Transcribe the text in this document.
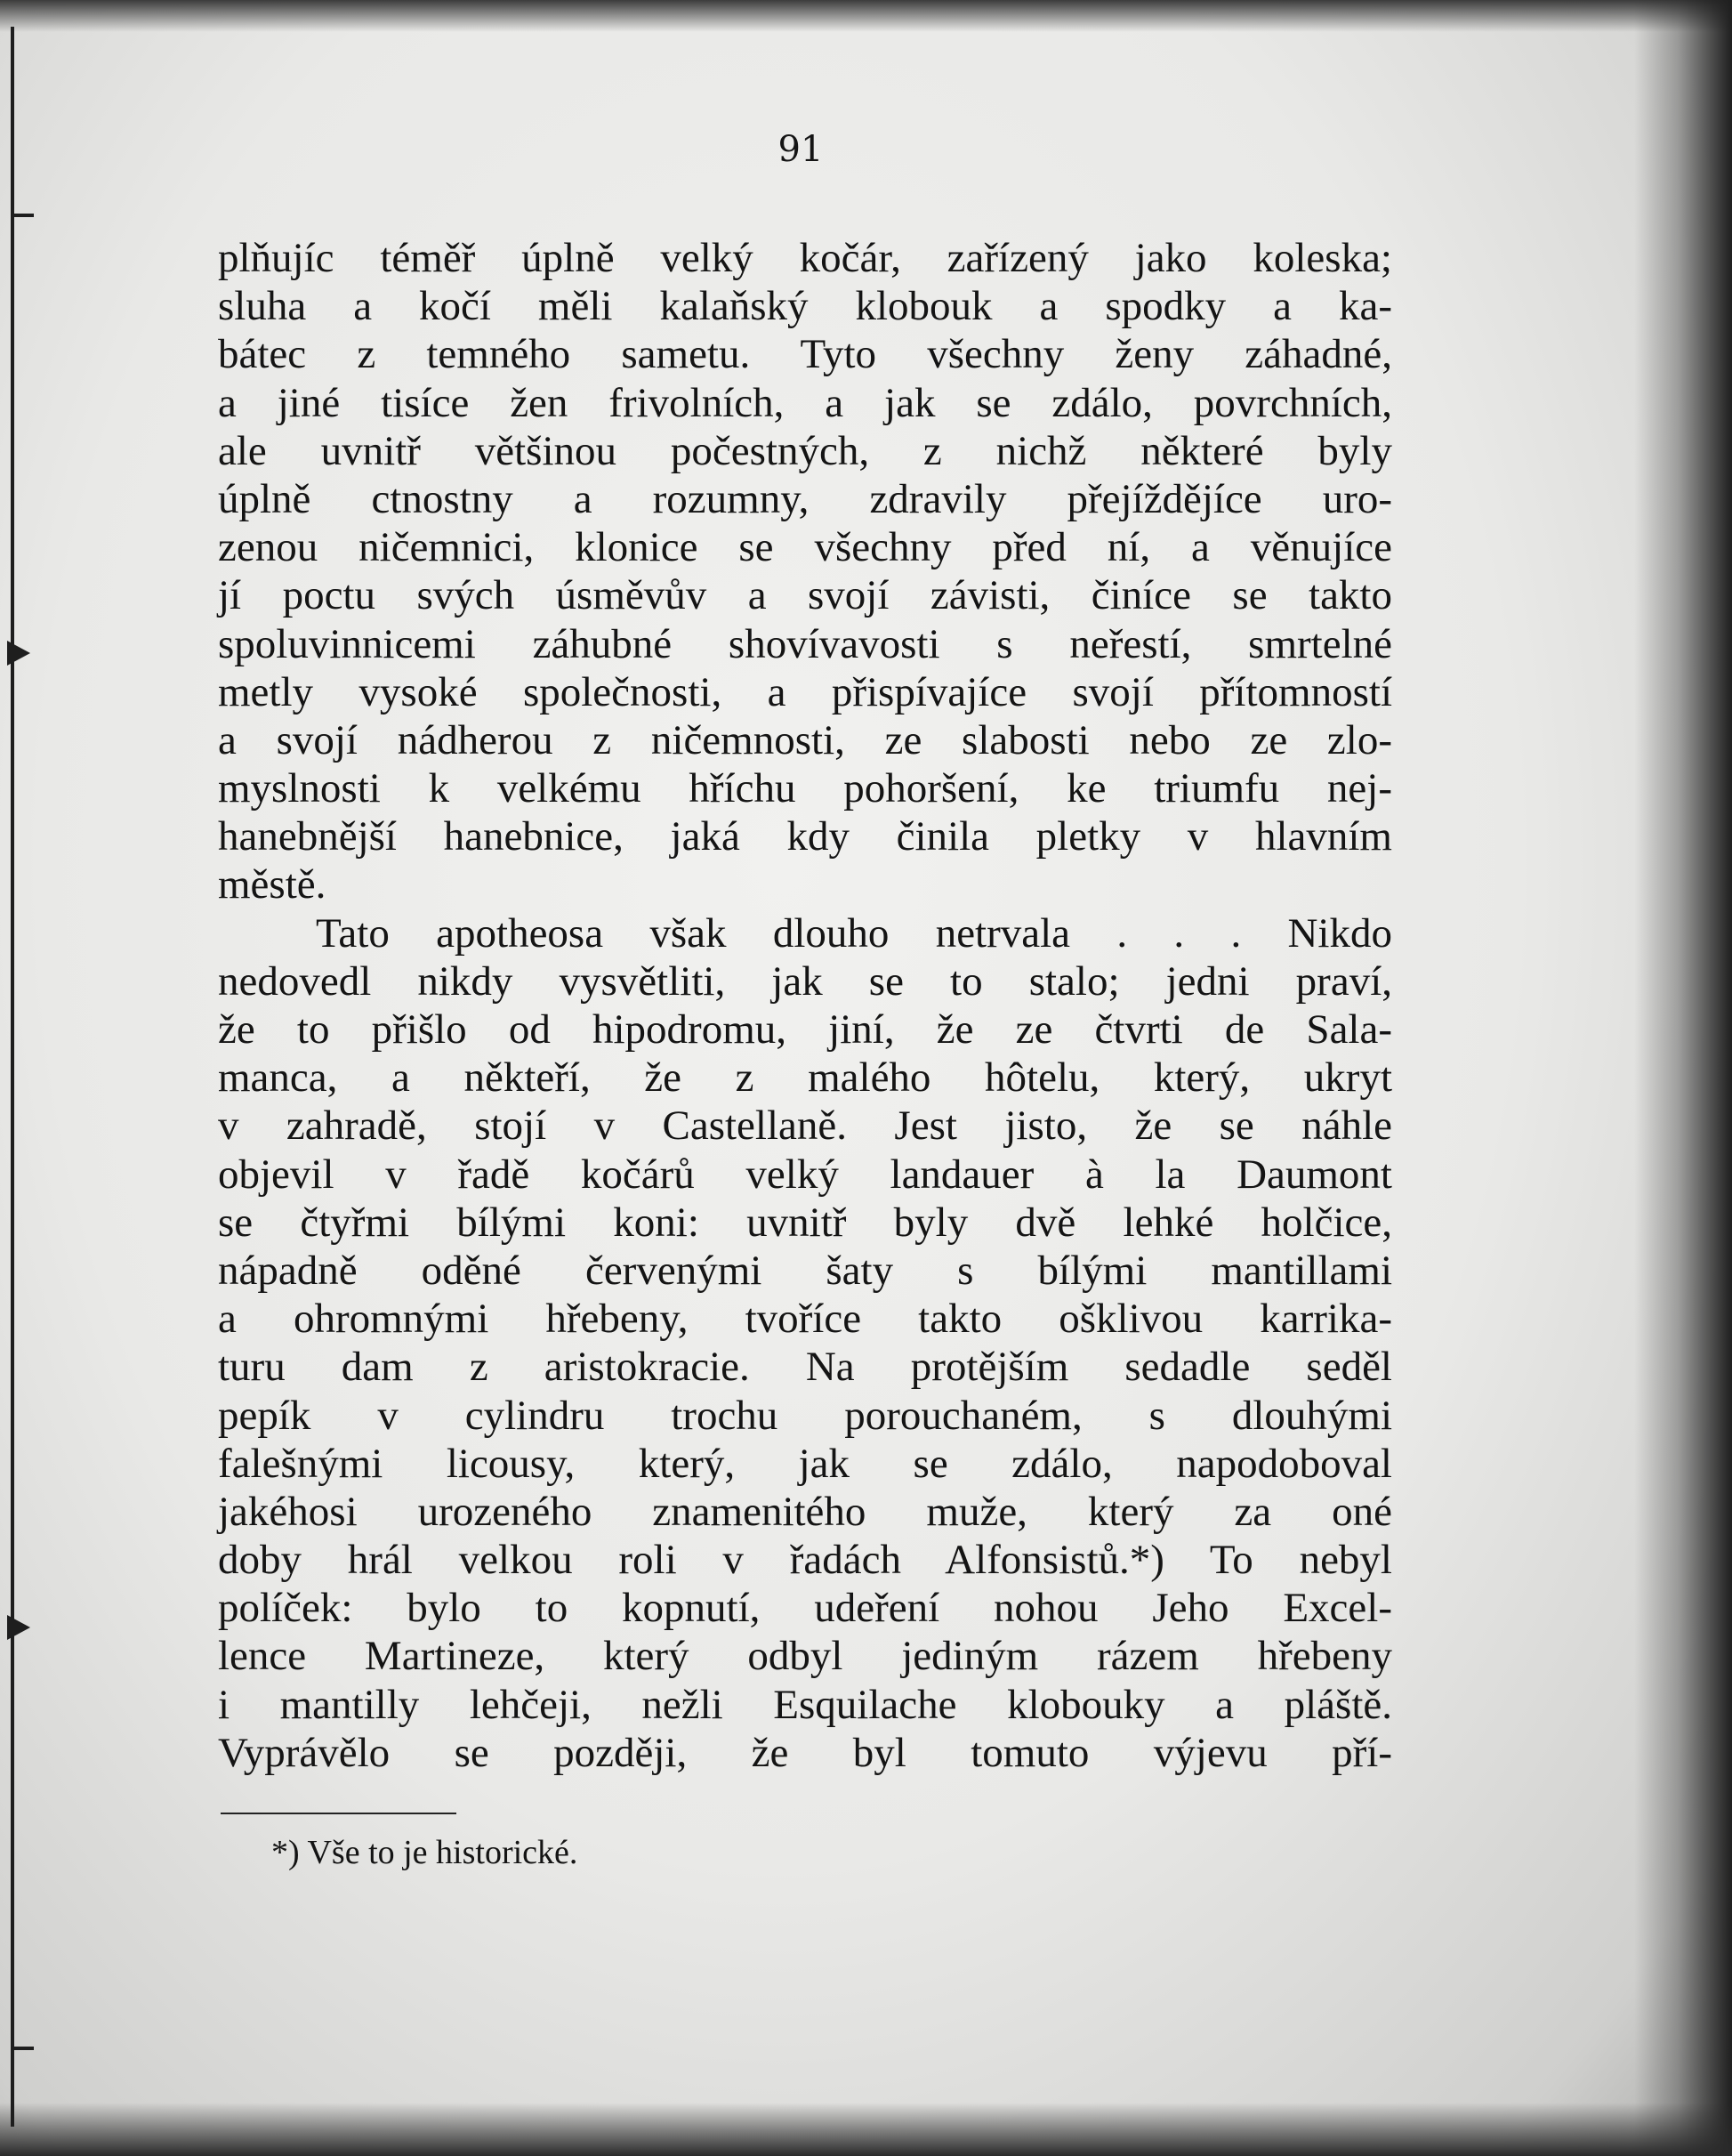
91
plňujíc téměř úplně velký kočár, zařízený jako koleska;
sluha a kočí měli kalaňský klobouk a spodky a ka-
bátec z temného sametu. Tyto všechny ženy záhadné,
a jiné tisíce žen frivolních, a jak se zdálo, povrchních,
ale uvnitř většinou počestných, z nichž některé byly
úplně ctnostny a rozumny, zdravily přejíždějíce uro-
zenou ničemnici, klonice se všechny před ní, a věnujíce
jí poctu svých úsměvův a svojí závisti, činíce se takto
spoluvinnicemi záhubné shovívavosti s neřestí, smrtelné
metly vysoké společnosti, a přispívajíce svojí přítomností
a svojí nádherou z ničemnosti, ze slabosti nebo ze zlo-
myslnosti k velkému hříchu pohoršení, ke triumfu nej-
hanebnější hanebnice, jaká kdy činila pletky v hlavním
městě.
Tato apotheosa však dlouho netrvala . . . Nikdo
nedovedl nikdy vysvětliti, jak se to stalo; jedni praví,
že to přišlo od hipodromu, jiní, že ze čtvrti de Sala-
manca, a někteří, že z malého hôtelu, který, ukryt
v zahradě, stojí v Castellaně. Jest jisto, že se náhle
objevil v řadě kočárů velký landauer à la Daumont
se čtyřmi bílými koni: uvnitř byly dvě lehké holčice,
nápadně oděné červenými šaty s bílými mantillami
a ohromnými hřebeny, tvoříce takto ošklivou karrika-
turu dam z aristokracie. Na protějším sedadle seděl
pepík v cylindru trochu porouchaném, s dlouhými
falešnými licousy, který, jak se zdálo, napodoboval
jakéhosi urozeného znamenitého muže, který za oné
doby hrál velkou roli v řadách Alfonsistů.*) To nebyl
políček: bylo to kopnutí, udeření nohou Jeho Excel-
lence Martineze, který odbyl jediným rázem hřebeny
i mantilly lehčeji, nežli Esquilache klobouky a pláště.
Vyprávělo se později, že byl tomuto výjevu pří-
*) Vše to je historické.
